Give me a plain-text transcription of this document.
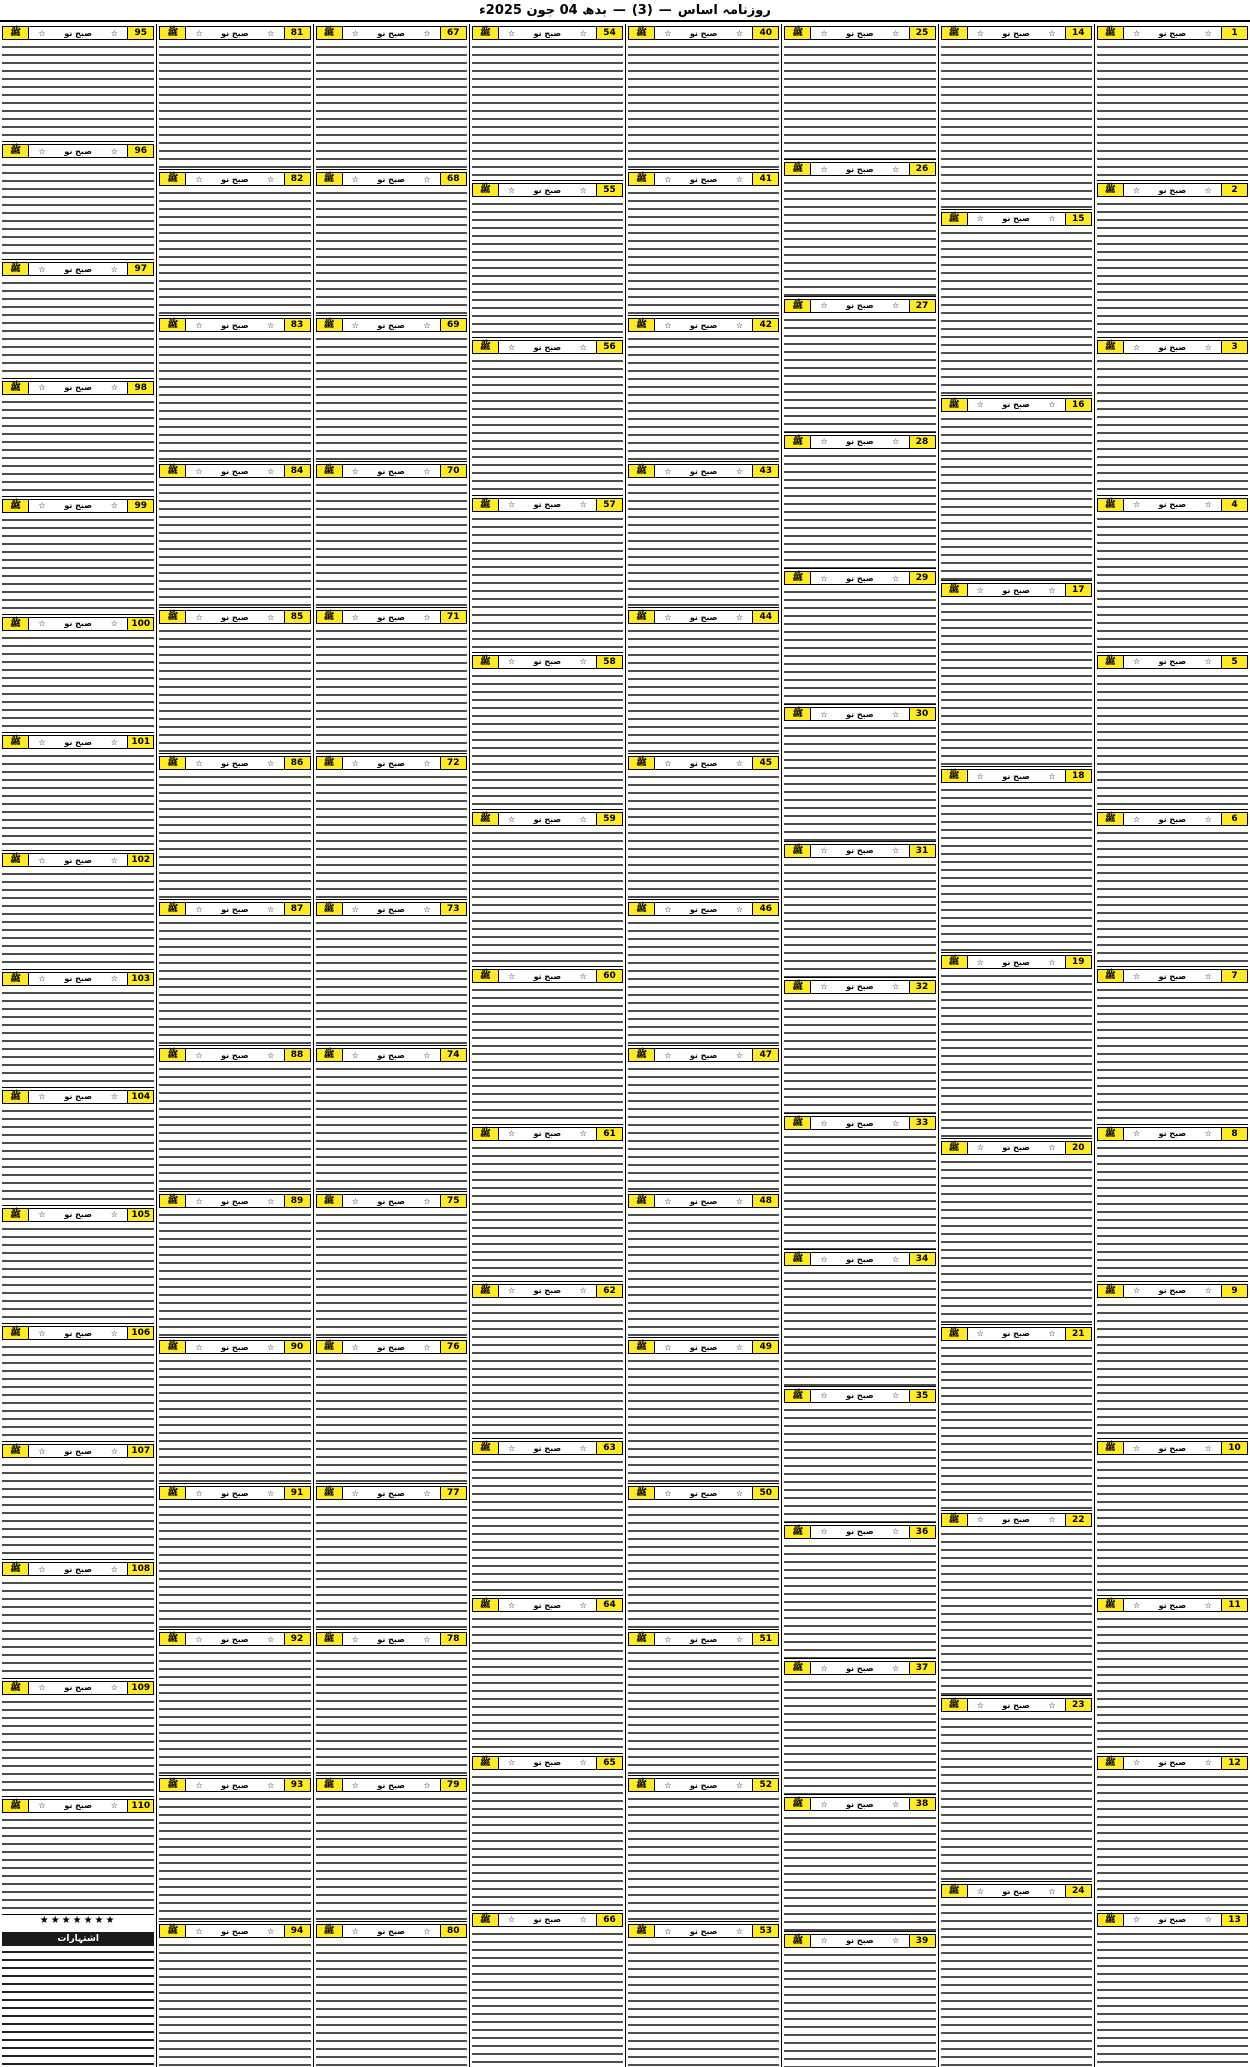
روزنامہ اساس
—
(3)
—
بدھ 04 جون 2025ء
1
☆
صبح نو
☆
ﷺ
2
☆
صبح نو
☆
ﷺ
3
☆
صبح نو
☆
ﷺ
4
☆
صبح نو
☆
ﷺ
5
☆
صبح نو
☆
ﷺ
6
☆
صبح نو
☆
ﷺ
7
☆
صبح نو
☆
ﷺ
8
☆
صبح نو
☆
ﷺ
9
☆
صبح نو
☆
ﷺ
10
☆
صبح نو
☆
ﷺ
11
☆
صبح نو
☆
ﷺ
12
☆
صبح نو
☆
ﷺ
13
☆
صبح نو
☆
ﷺ
14
☆
صبح نو
☆
ﷺ
15
☆
صبح نو
☆
ﷺ
16
☆
صبح نو
☆
ﷺ
17
☆
صبح نو
☆
ﷺ
18
☆
صبح نو
☆
ﷺ
19
☆
صبح نو
☆
ﷺ
20
☆
صبح نو
☆
ﷺ
21
☆
صبح نو
☆
ﷺ
22
☆
صبح نو
☆
ﷺ
23
☆
صبح نو
☆
ﷺ
24
☆
صبح نو
☆
ﷺ
25
☆
صبح نو
☆
ﷺ
26
☆
صبح نو
☆
ﷺ
27
☆
صبح نو
☆
ﷺ
28
☆
صبح نو
☆
ﷺ
29
☆
صبح نو
☆
ﷺ
30
☆
صبح نو
☆
ﷺ
31
☆
صبح نو
☆
ﷺ
32
☆
صبح نو
☆
ﷺ
33
☆
صبح نو
☆
ﷺ
34
☆
صبح نو
☆
ﷺ
35
☆
صبح نو
☆
ﷺ
36
☆
صبح نو
☆
ﷺ
37
☆
صبح نو
☆
ﷺ
38
☆
صبح نو
☆
ﷺ
39
☆
صبح نو
☆
ﷺ
40
☆
صبح نو
☆
ﷺ
41
☆
صبح نو
☆
ﷺ
42
☆
صبح نو
☆
ﷺ
43
☆
صبح نو
☆
ﷺ
44
☆
صبح نو
☆
ﷺ
45
☆
صبح نو
☆
ﷺ
46
☆
صبح نو
☆
ﷺ
47
☆
صبح نو
☆
ﷺ
48
☆
صبح نو
☆
ﷺ
49
☆
صبح نو
☆
ﷺ
50
☆
صبح نو
☆
ﷺ
51
☆
صبح نو
☆
ﷺ
52
☆
صبح نو
☆
ﷺ
53
☆
صبح نو
☆
ﷺ
54
☆
صبح نو
☆
ﷺ
55
☆
صبح نو
☆
ﷺ
56
☆
صبح نو
☆
ﷺ
57
☆
صبح نو
☆
ﷺ
58
☆
صبح نو
☆
ﷺ
59
☆
صبح نو
☆
ﷺ
60
☆
صبح نو
☆
ﷺ
61
☆
صبح نو
☆
ﷺ
62
☆
صبح نو
☆
ﷺ
63
☆
صبح نو
☆
ﷺ
64
☆
صبح نو
☆
ﷺ
65
☆
صبح نو
☆
ﷺ
66
☆
صبح نو
☆
ﷺ
67
☆
صبح نو
☆
ﷺ
68
☆
صبح نو
☆
ﷺ
69
☆
صبح نو
☆
ﷺ
70
☆
صبح نو
☆
ﷺ
71
☆
صبح نو
☆
ﷺ
72
☆
صبح نو
☆
ﷺ
73
☆
صبح نو
☆
ﷺ
74
☆
صبح نو
☆
ﷺ
75
☆
صبح نو
☆
ﷺ
76
☆
صبح نو
☆
ﷺ
77
☆
صبح نو
☆
ﷺ
78
☆
صبح نو
☆
ﷺ
79
☆
صبح نو
☆
ﷺ
80
☆
صبح نو
☆
ﷺ
81
☆
صبح نو
☆
ﷺ
82
☆
صبح نو
☆
ﷺ
83
☆
صبح نو
☆
ﷺ
84
☆
صبح نو
☆
ﷺ
85
☆
صبح نو
☆
ﷺ
86
☆
صبح نو
☆
ﷺ
87
☆
صبح نو
☆
ﷺ
88
☆
صبح نو
☆
ﷺ
89
☆
صبح نو
☆
ﷺ
90
☆
صبح نو
☆
ﷺ
91
☆
صبح نو
☆
ﷺ
92
☆
صبح نو
☆
ﷺ
93
☆
صبح نو
☆
ﷺ
94
☆
صبح نو
☆
ﷺ
95
☆
صبح نو
☆
ﷺ
96
☆
صبح نو
☆
ﷺ
97
☆
صبح نو
☆
ﷺ
98
☆
صبح نو
☆
ﷺ
99
☆
صبح نو
☆
ﷺ
100
☆
صبح نو
☆
ﷺ
101
☆
صبح نو
☆
ﷺ
102
☆
صبح نو
☆
ﷺ
103
☆
صبح نو
☆
ﷺ
104
☆
صبح نو
☆
ﷺ
105
☆
صبح نو
☆
ﷺ
106
☆
صبح نو
☆
ﷺ
107
☆
صبح نو
☆
ﷺ
108
☆
صبح نو
☆
ﷺ
109
☆
صبح نو
☆
ﷺ
110
☆
صبح نو
☆
ﷺ
★★★★★★★
اشتہارات
